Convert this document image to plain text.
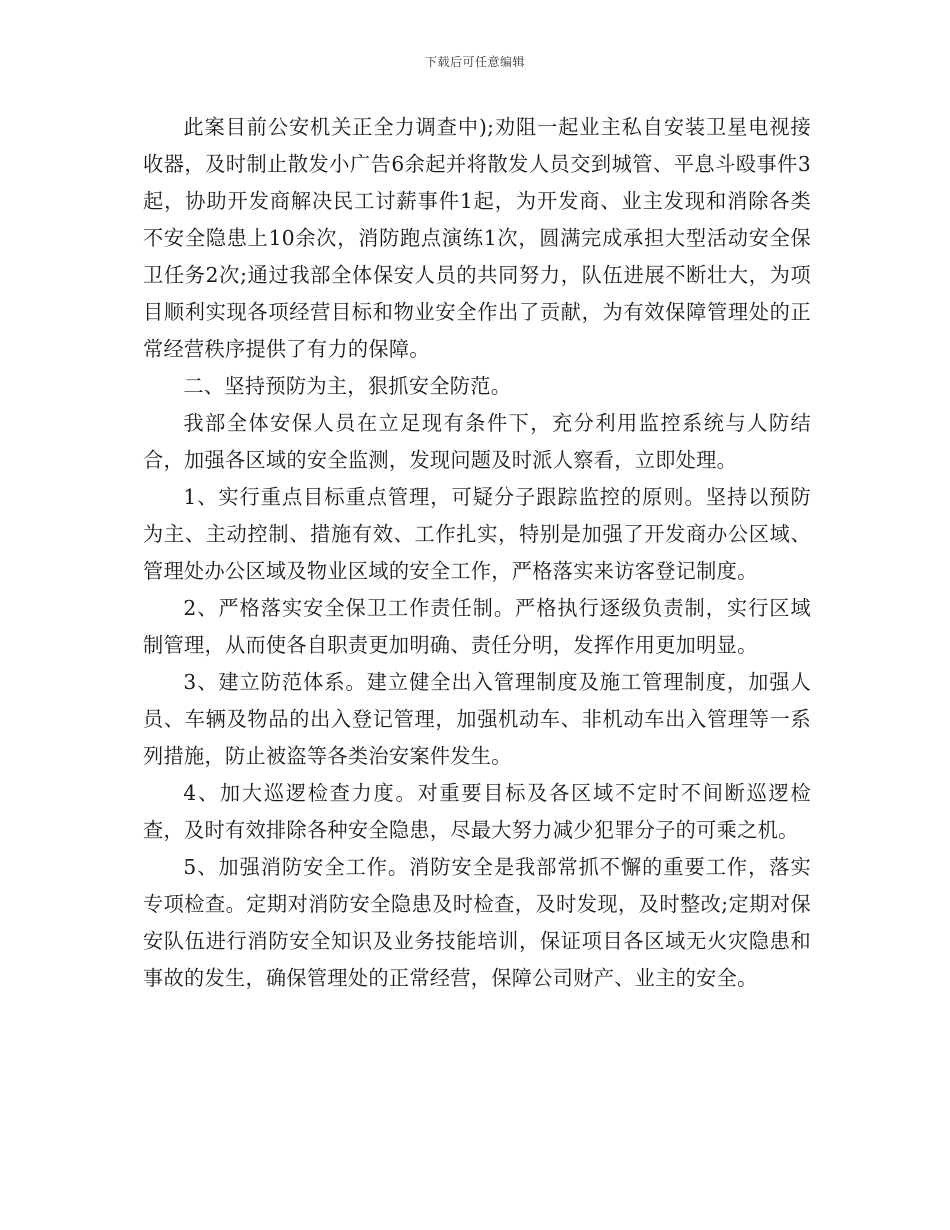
下载后可任意编辑

此案目前公安机关正全力调查中);劝阻一起业主私自安装卫星电视接收器，及时制止散发小广告6余起并将散发人员交到城管、平息斗殴事件3起，协助开发商解决民工讨薪事件1起，为开发商、业主发现和消除各类不安全隐患上10余次，消防跑点演练1次，圆满完成承担大型活动安全保卫任务2次;通过我部全体保安人员的共同努力，队伍进展不断壮大，为项目顺利实现各项经营目标和物业安全作出了贡献，为有效保障管理处的正常经营秩序提供了有力的保障。

二、坚持预防为主，狠抓安全防范。

我部全体安保人员在立足现有条件下，充分利用监控系统与人防结合，加强各区域的安全监测，发现问题及时派人察看，立即处理。

1、实行重点目标重点管理，可疑分子跟踪监控的原则。坚持以预防为主、主动控制、措施有效、工作扎实，特别是加强了开发商办公区域、管理处办公区域及物业区域的安全工作，严格落实来访客登记制度。

2、严格落实安全保卫工作责任制。严格执行逐级负责制，实行区域制管理，从而使各自职责更加明确、责任分明，发挥作用更加明显。

3、建立防范体系。建立健全出入管理制度及施工管理制度，加强人员、车辆及物品的出入登记管理，加强机动车、非机动车出入管理等一系列措施，防止被盗等各类治安案件发生。

4、加大巡逻检查力度。对重要目标及各区域不定时不间断巡逻检查，及时有效排除各种安全隐患，尽最大努力减少犯罪分子的可乘之机。

5、加强消防安全工作。消防安全是我部常抓不懈的重要工作，落实专项检查。定期对消防安全隐患及时检查，及时发现，及时整改;定期对保安队伍进行消防安全知识及业务技能培训，保证项目各区域无火灾隐患和事故的发生，确保管理处的正常经营，保障公司财产、业主的安全。
